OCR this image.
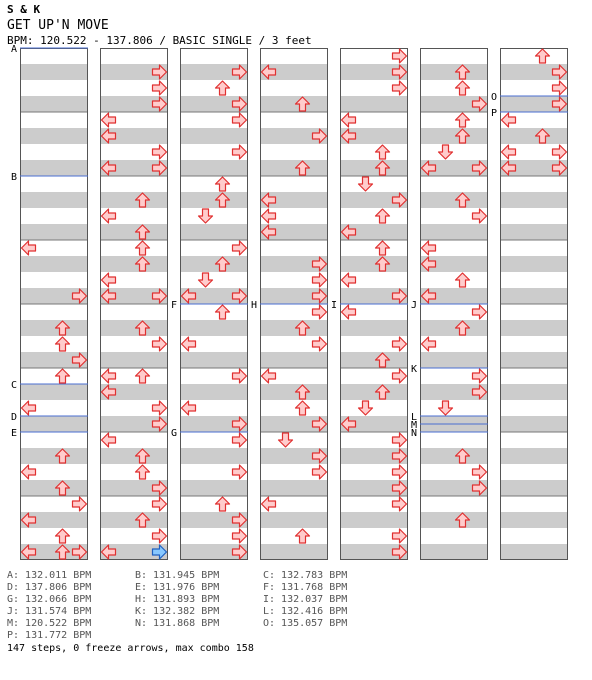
S & K
GET UP'N MOVE
BPM: 120.522 - 137.806 / BASIC SINGLE / 3 feet
A
B
C
D
E
F
G
H	I	J
K
L
M
N
O
P
A: 132.011 BPM	B: 131.945 BPM	C: 132.783 BPM
D: 137.806 BPM	E: 131.976 BPM	F: 131.768 BPM
G: 132.066 BPM	H: 131.893 BPM	I: 132.037 BPM
J: 131.574 BPM	K: 132.382 BPM	L: 132.416 BPM
M: 120.522 BPM	N: 131.868 BPM	O: 135.057 BPM
P: 131.772 BPM
147 steps, 0 freeze arrows, max combo 158
